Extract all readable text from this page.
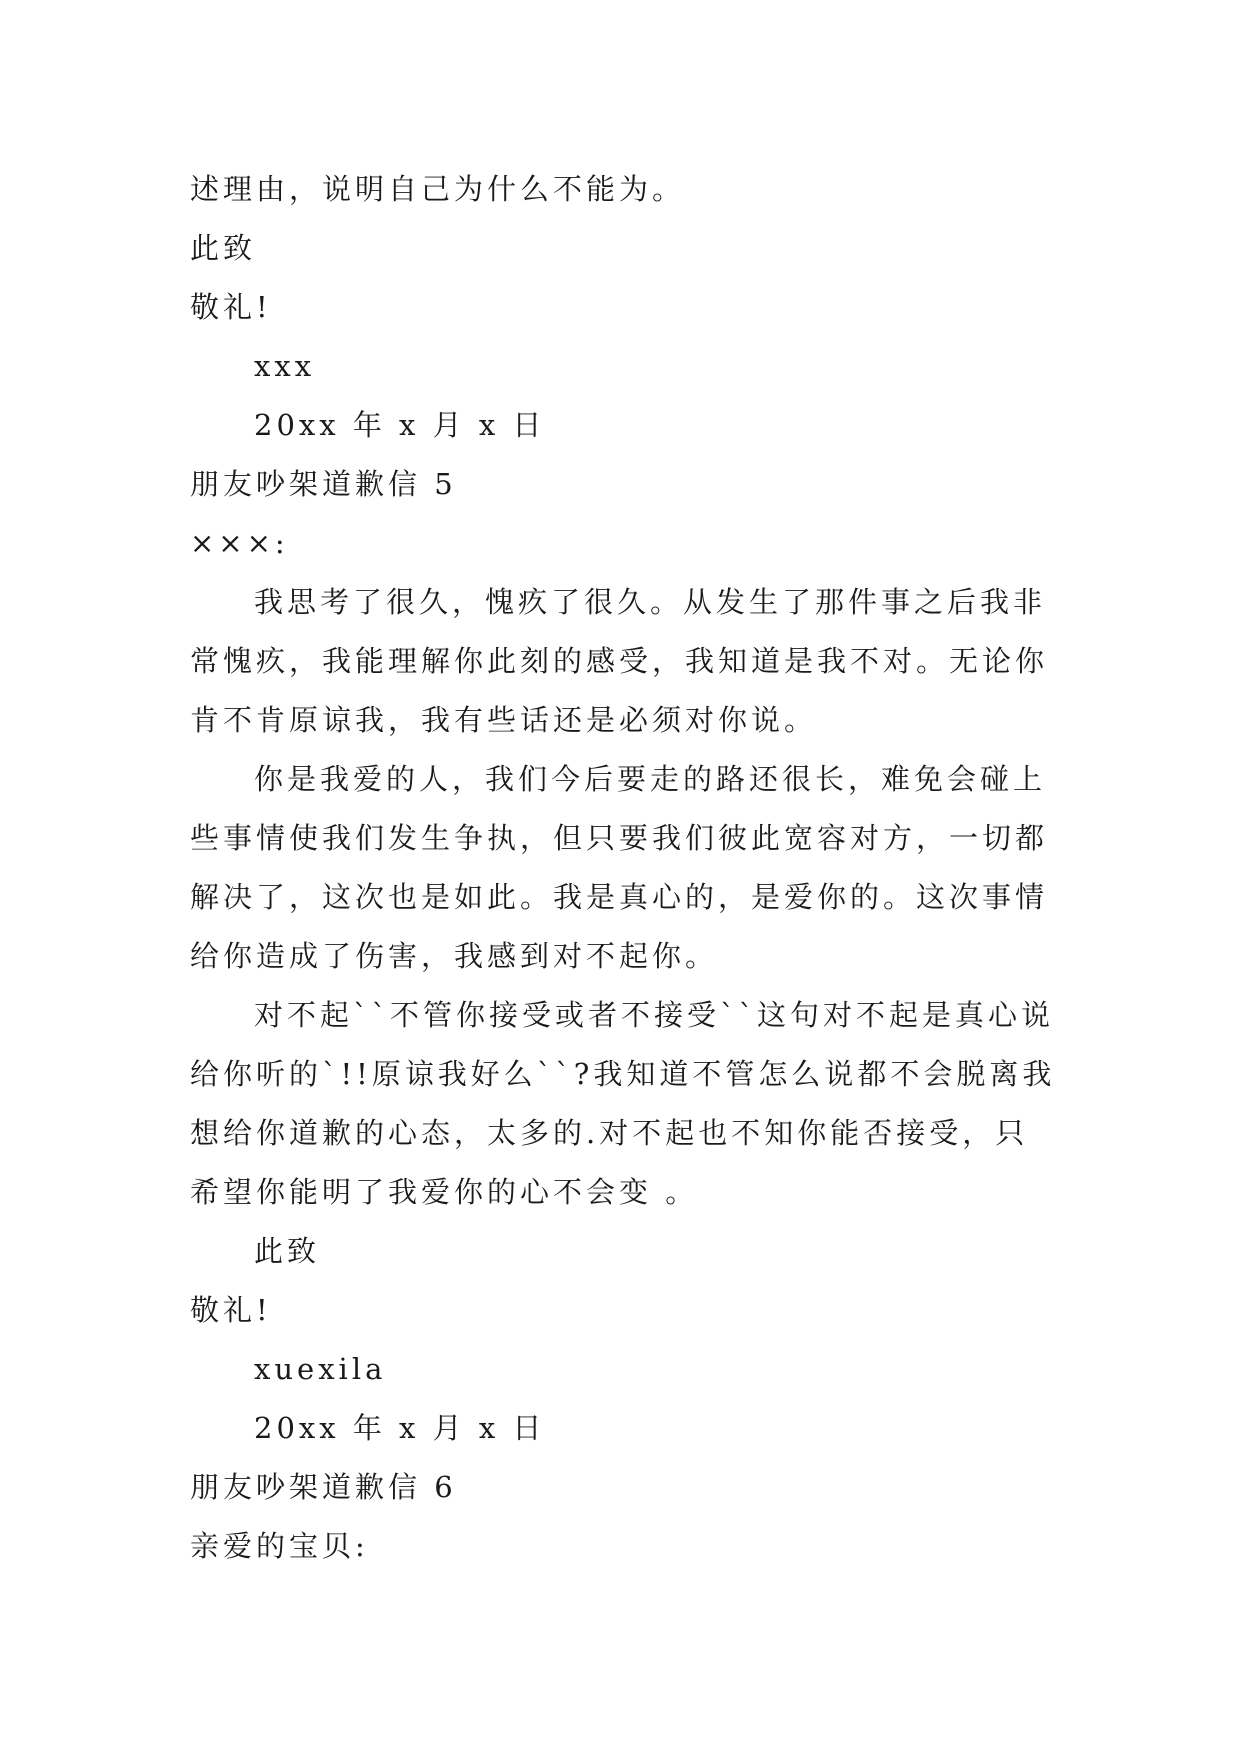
述理由，说明自己为什么不能为。
此致
敬礼!
xxx
20xx 年 x 月 x 日
朋友吵架道歉信 5
×××:
我思考了很久，愧疚了很久。从发生了那件事之后我非
常愧疚，我能理解你此刻的感受，我知道是我不对。无论你
肯不肯原谅我，我有些话还是必须对你说。
你是我爱的人，我们今后要走的路还很长，难免会碰上
些事情使我们发生争执，但只要我们彼此宽容对方，一切都
解决了，这次也是如此。我是真心的，是爱你的。这次事情
给你造成了伤害，我感到对不起你。
对不起``不管你接受或者不接受``这句对不起是真心说
给你听的`!!原谅我好么``?我知道不管怎么说都不会脱离我
想给你道歉的心态，太多的.对不起也不知你能否接受，只
希望你能明了我爱你的心不会变 。
此致
敬礼!
xuexila
20xx 年 x 月 x 日
朋友吵架道歉信 6
亲爱的宝贝:
